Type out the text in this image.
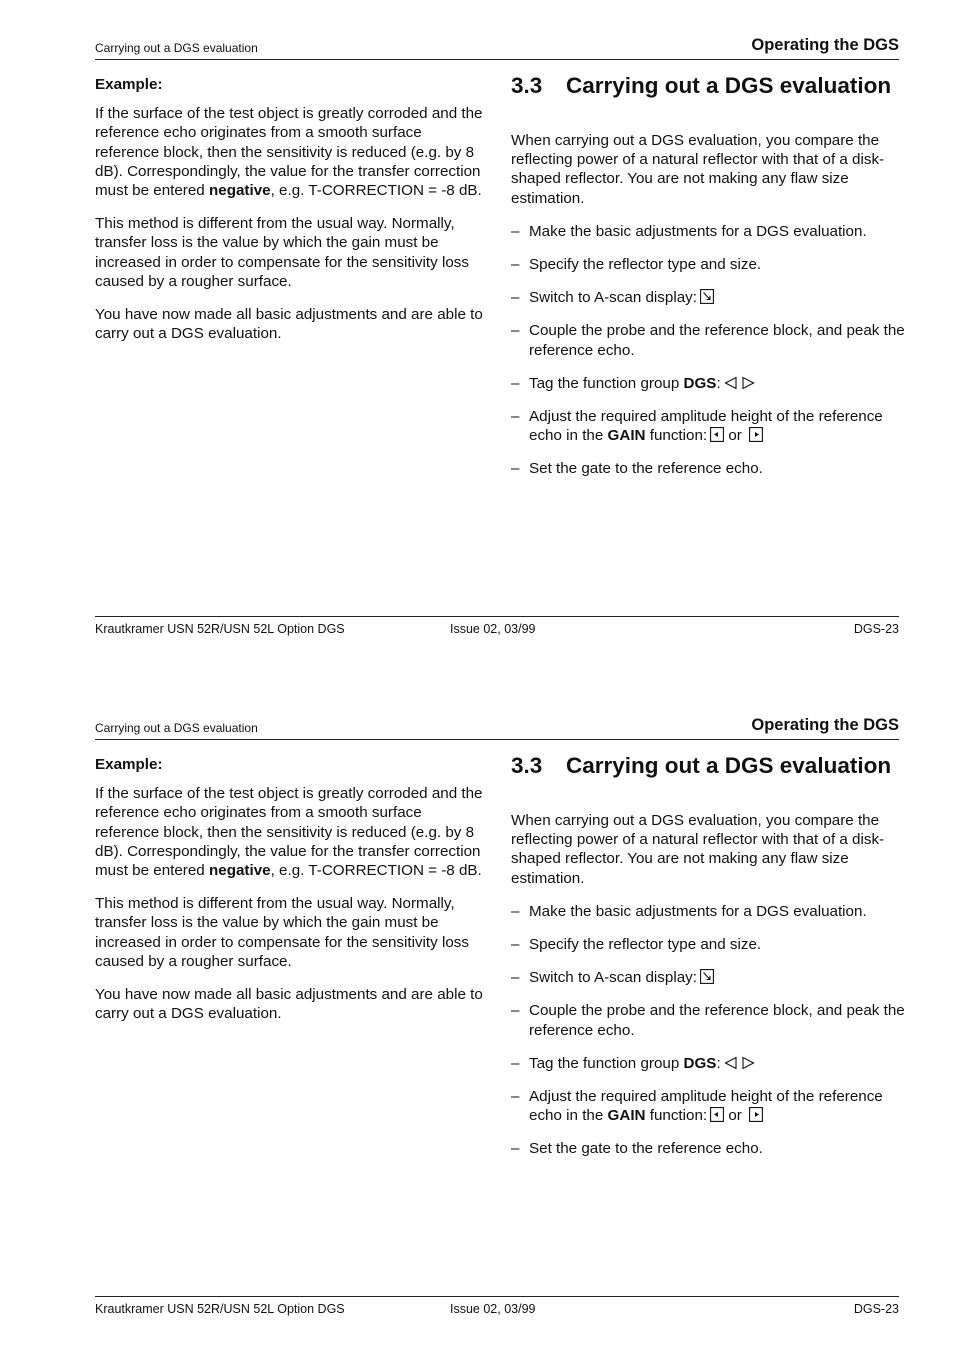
Carrying out a DGS evaluation	Operating the DGS
Example:

If the surface of the test object is greatly corroded and the reference echo originates from a smooth surface reference block, then the sensitivity is reduced (e.g. by 8 dB). Correspondingly, the value for the transfer correction must be entered negative, e.g. T-CORRECTION = -8 dB.

This method is different from the usual way. Normally, transfer loss is the value by which the gain must be increased in order to compensate for the sensitivity loss caused by a rougher surface.

You have now made all basic adjustments and are able to carry out a DGS evaluation.

3.3	Carrying out a DGS evaluation

When carrying out a DGS evaluation, you compare the reflecting power of a natural reflector with that of a disk-shaped reflector. You are not making any flaw size estimation.

– Make the basic adjustments for a DGS evaluation.
– Specify the reflector type and size.
– Switch to A-scan display:
– Couple the probe and the reference block, and peak the reference echo.
– Tag the function group DGS:
– Adjust the required amplitude height of the reference echo in the GAIN function:
or
– Set the gate to the reference echo.
Krautkramer USN 52R/USN 52L Option DGS	Issue 02, 03/99	DGS-23
Carrying out a DGS evaluation	Operating the DGS
Example:

If the surface of the test object is greatly corroded and the reference echo originates from a smooth surface reference block, then the sensitivity is reduced (e.g. by 8 dB). Correspondingly, the value for the transfer correction must be entered negative, e.g. T-CORRECTION = -8 dB.

This method is different from the usual way. Normally, transfer loss is the value by which the gain must be increased in order to compensate for the sensitivity loss caused by a rougher surface.

You have now made all basic adjustments and are able to carry out a DGS evaluation.

3.3	Carrying out a DGS evaluation

When carrying out a DGS evaluation, you compare the reflecting power of a natural reflector with that of a disk-shaped reflector. You are not making any flaw size estimation.

– Make the basic adjustments for a DGS evaluation.
– Specify the reflector type and size.
– Switch to A-scan display:
– Couple the probe and the reference block, and peak the reference echo.
– Tag the function group DGS:
– Adjust the required amplitude height of the reference echo in the GAIN function:
or
– Set the gate to the reference echo.
Krautkramer USN 52R/USN 52L Option DGS	Issue 02, 03/99	DGS-23
